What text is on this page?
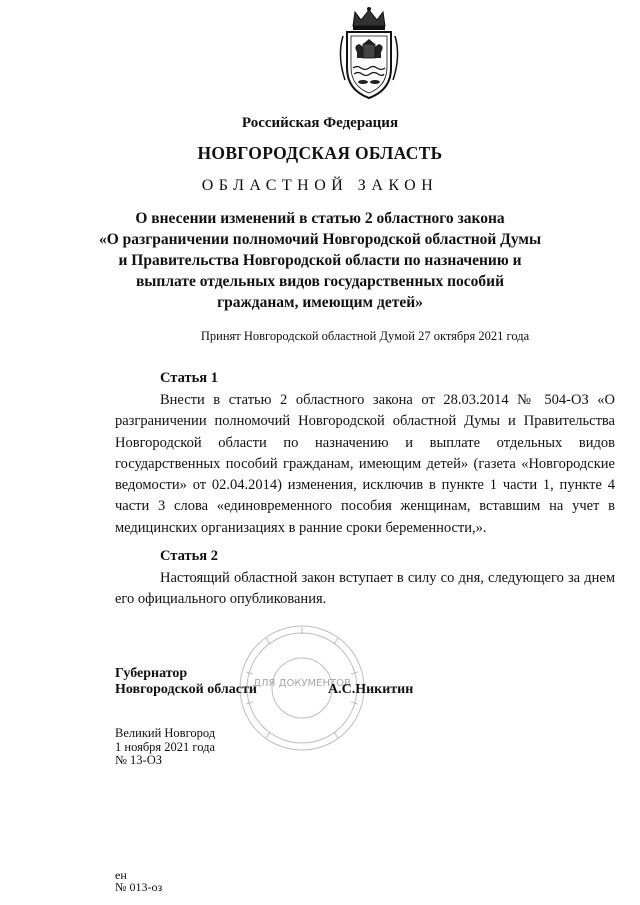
Российская Федерация
НОВГОРОДСКАЯ ОБЛАСТЬ
ОБЛАСТНОЙ ЗАКОН
О внесении изменений в статью 2 областного закона
«О разграничении полномочий Новгородской областной Думы
и Правительства Новгородской области по назначению и
выплате отдельных видов государственных пособий
гражданам, имеющим детей»
Принят Новгородской областной Думой 27 октября 2021 года
Статья 1

Внести в статью 2 областного закона от 28.03.2014 № 504-ОЗ «О разграничении полномочий Новгородской областной Думы и Правительства Новгородской области по назначению и выплате отдельных видов государственных пособий гражданам, имеющим детей» (газета «Новгородские ведомости» от 02.04.2014) изменения, исключив в пункте 1 части 1, пункте 4 части 3 слова «единовременного пособия женщинам, вставшим на учет в медицинских организациях в ранние сроки беременности,».

Статья 2

Настоящий областной закон вступает в силу со дня, следующего за днем его официального опубликования.

ДЛЯ ДОКУМЕНТОВ
Губернатор
Новгородской области	А.С.Никитин
Великий Новгород
1 ноября 2021 года
№ 13-ОЗ
ен
№ 013-оз
